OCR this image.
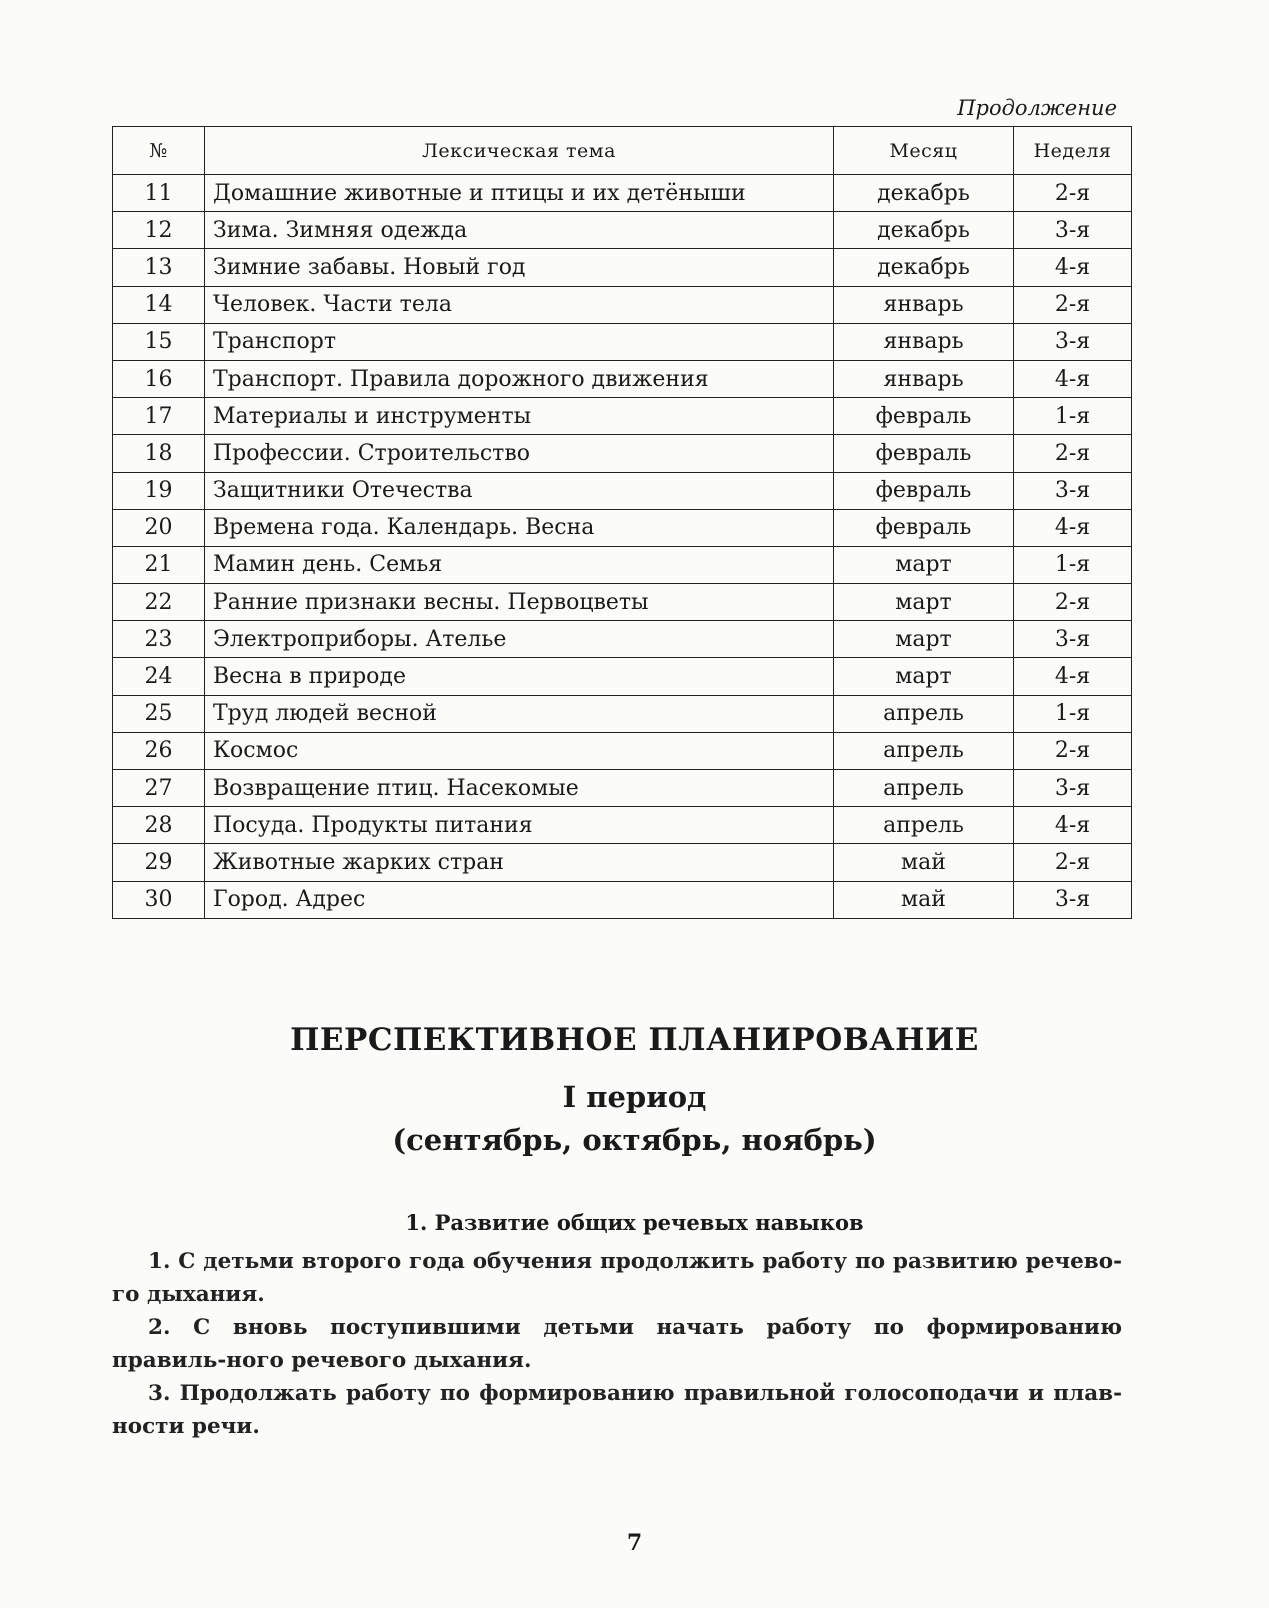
Продолжение
№	Лексическая тема	Месяц	Неделя
11	Домашние животные и птицы и их детёныши	декабрь	2-я
12	Зима. Зимняя одежда	декабрь	3-я
13	Зимние забавы. Новый год	декабрь	4-я
14	Человек. Части тела	январь	2-я
15	Транспорт	январь	3-я
16	Транспорт. Правила дорожного движения	январь	4-я
17	Материалы и инструменты	февраль	1-я
18	Профессии. Строительство	февраль	2-я
19	Защитники Отечества	февраль	3-я
20	Времена года. Календарь. Весна	февраль	4-я
21	Мамин день. Семья	март	1-я
22	Ранние признаки весны. Первоцветы	март	2-я
23	Электроприборы. Ателье	март	3-я
24	Весна в природе	март	4-я
25	Труд людей весной	апрель	1-я
26	Космос	апрель	2-я
27	Возвращение птиц. Насекомые	апрель	3-я
28	Посуда. Продукты питания	апрель	4-я
29	Животные жарких стран	май	2-я
30	Город. Адрес	май	3-я
ПЕРСПЕКТИВНОЕ ПЛАНИРОВАНИЕ
I период
(сентябрь, октябрь, ноябрь)
1. Развитие общих речевых навыков

1. С детьми второго года обучения продолжить работу по развитию речево-го дыхания.

2. С вновь поступившими детьми начать работу по формированию правиль-ного речевого дыхания.

3. Продолжать работу по формированию правильной голосоподачи и плав-ности речи.

7
